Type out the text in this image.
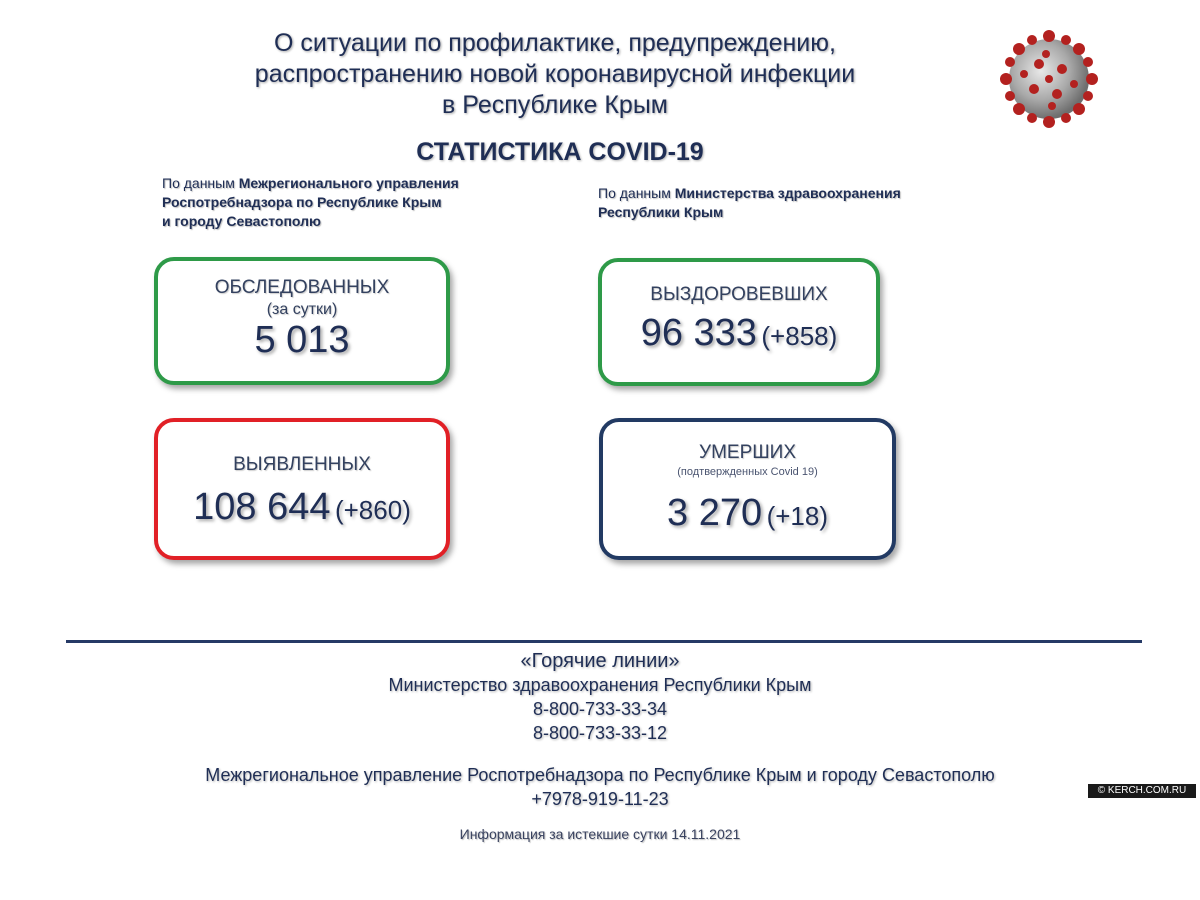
О ситуации по профилактике, предупреждению,
распространению новой коронавирусной инфекции
в Республике Крым
СТАТИСТИКА COVID-19
По данным Межрегионального управления
Роспотребнадзора по Республике Крым
и городу Севастополю
По данным Министерства здравоохранения
Республики Крым
ОБСЛЕДОВАННЫХ
(за сутки)
5 013
ВЫЗДОРОВЕВШИХ
96 333 (+858)
ВЫЯВЛЕННЫХ
108 644 (+860)
УМЕРШИХ
(подтвержденных Covid 19)
3 270 (+18)
«Горячие линии»
Министерство здравоохранения Республики Крым
8-800-733-33-34
8-800-733-33-12
Межрегиональное управление Роспотребнадзора по Республике Крым и городу Севастополю
+7978-919-11-23
Информация за истекшие сутки 14.11.2021
© KERCH.COM.RU
